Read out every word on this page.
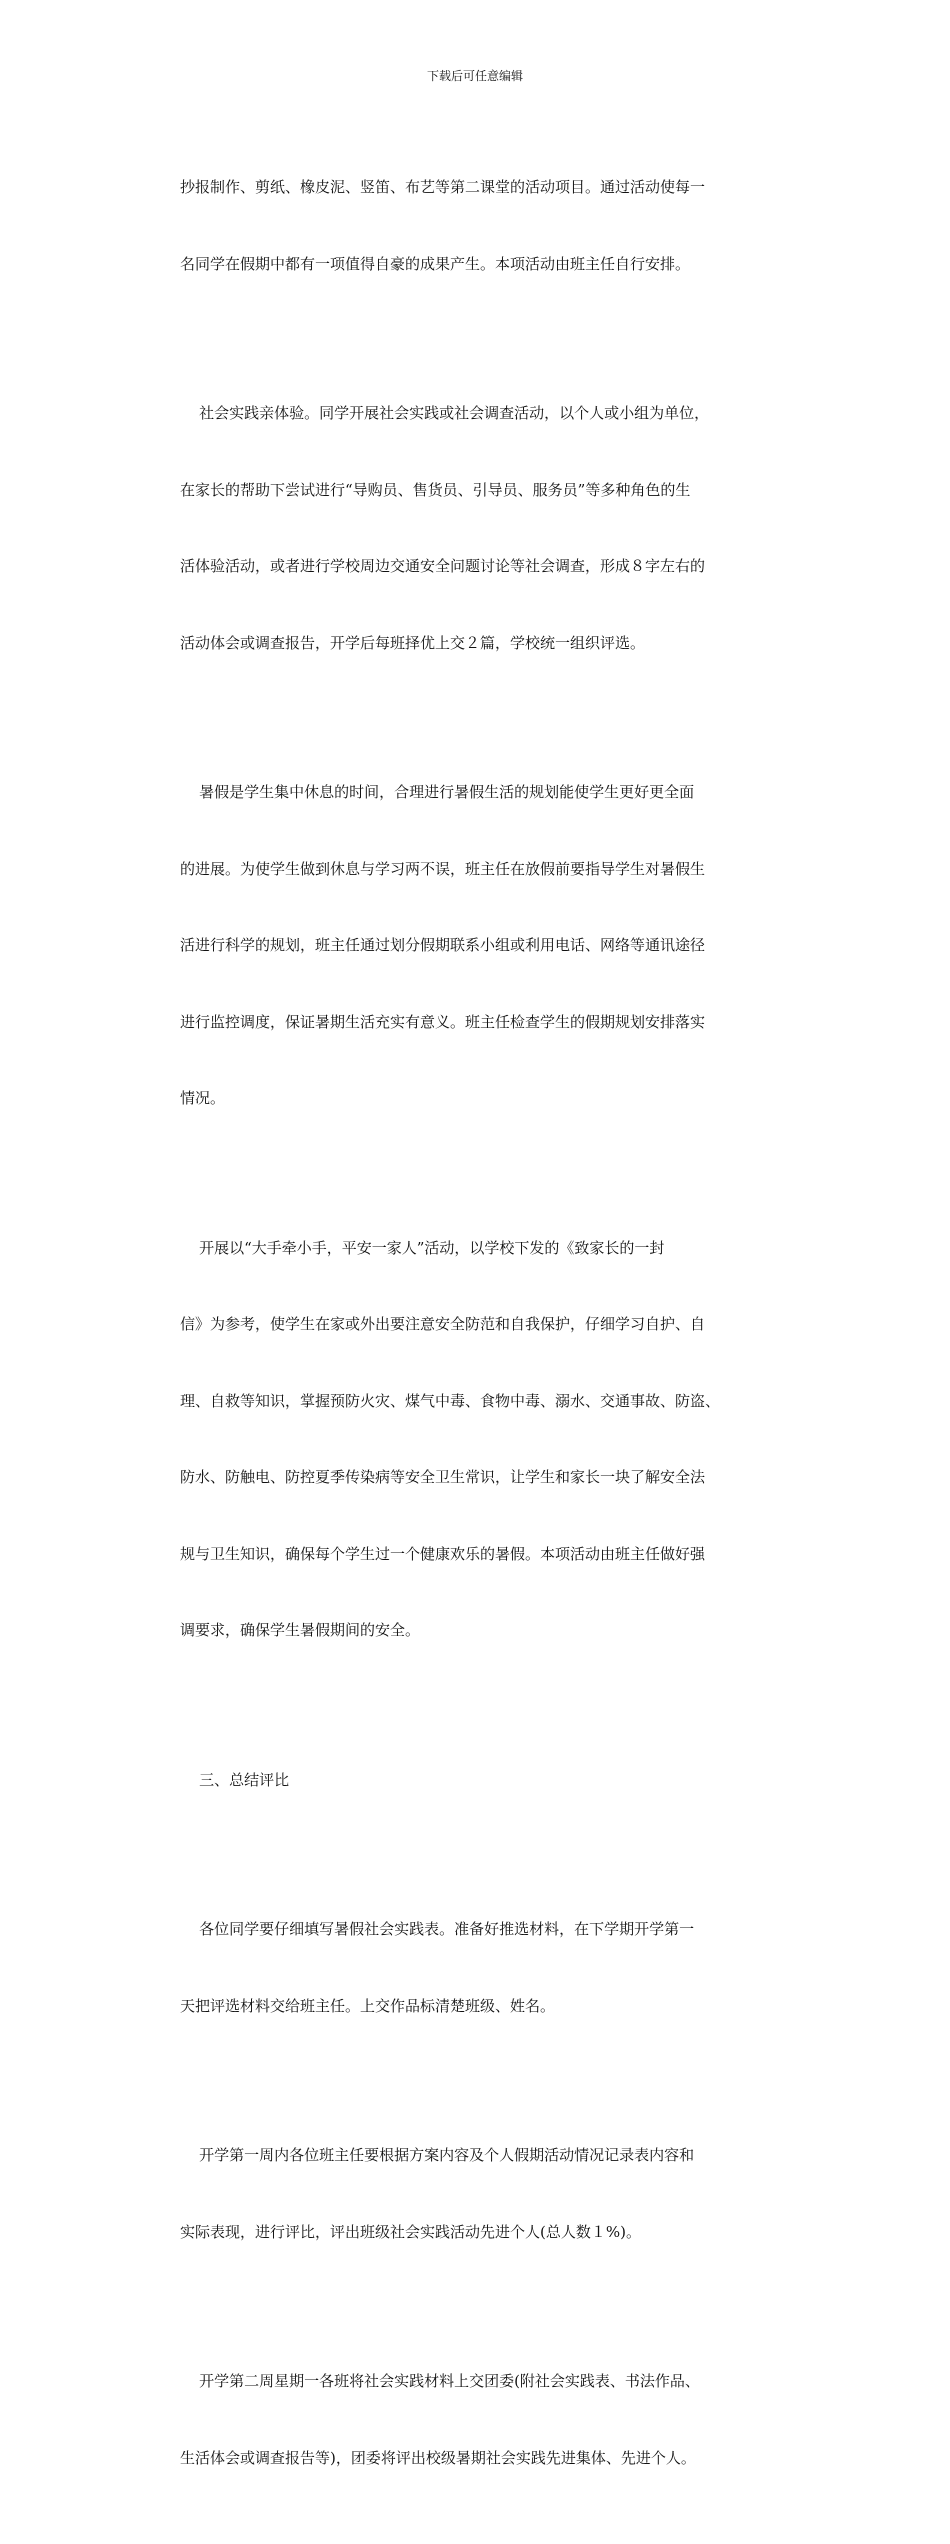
下载后可任意编辑

抄报制作、剪纸、橡皮泥、竖笛、布艺等第二课堂的活动项目。通过活动使每一

名同学在假期中都有一项值得自豪的成果产生。本项活动由班主任自行安排。

社会实践亲体验。同学开展社会实践或社会调查活动，以个人或小组为单位，

在家长的帮助下尝试进行“导购员、售货员、引导员、服务员”等多种角色的生

活体验活动，或者进行学校周边交通安全问题讨论等社会调查，形成８字左右的

活动体会或调查报告，开学后每班择优上交２篇，学校统一组织评选。

暑假是学生集中休息的时间，合理进行暑假生活的规划能使学生更好更全面

的进展。为使学生做到休息与学习两不误，班主任在放假前要指导学生对暑假生

活进行科学的规划，班主任通过划分假期联系小组或利用电话、网络等通讯途径

进行监控调度，保证暑期生活充实有意义。班主任检查学生的假期规划安排落实

情况。

开展以“大手牵小手，平安一家人”活动，以学校下发的《致家长的一封

信》为参考，使学生在家或外出要注意安全防范和自我保护，仔细学习自护、自

理、自救等知识，掌握预防火灾、煤气中毒、食物中毒、溺水、交通事故、防盗、

防水、防触电、防控夏季传染病等安全卫生常识，让学生和家长一块了解安全法

规与卫生知识，确保每个学生过一个健康欢乐的暑假。本项活动由班主任做好强

调要求，确保学生暑假期间的安全。

三、总结评比

各位同学要仔细填写暑假社会实践表。准备好推选材料，在下学期开学第一

天把评选材料交给班主任。上交作品标清楚班级、姓名。

开学第一周内各位班主任要根据方案内容及个人假期活动情况记录表内容和

实际表现，进行评比，评出班级社会实践活动先进个人(总人数１%)。

开学第二周星期一各班将社会实践材料上交团委(附社会实践表、书法作品、

生活体会或调查报告等)，团委将评出校级暑期社会实践先进集体、先进个人。
